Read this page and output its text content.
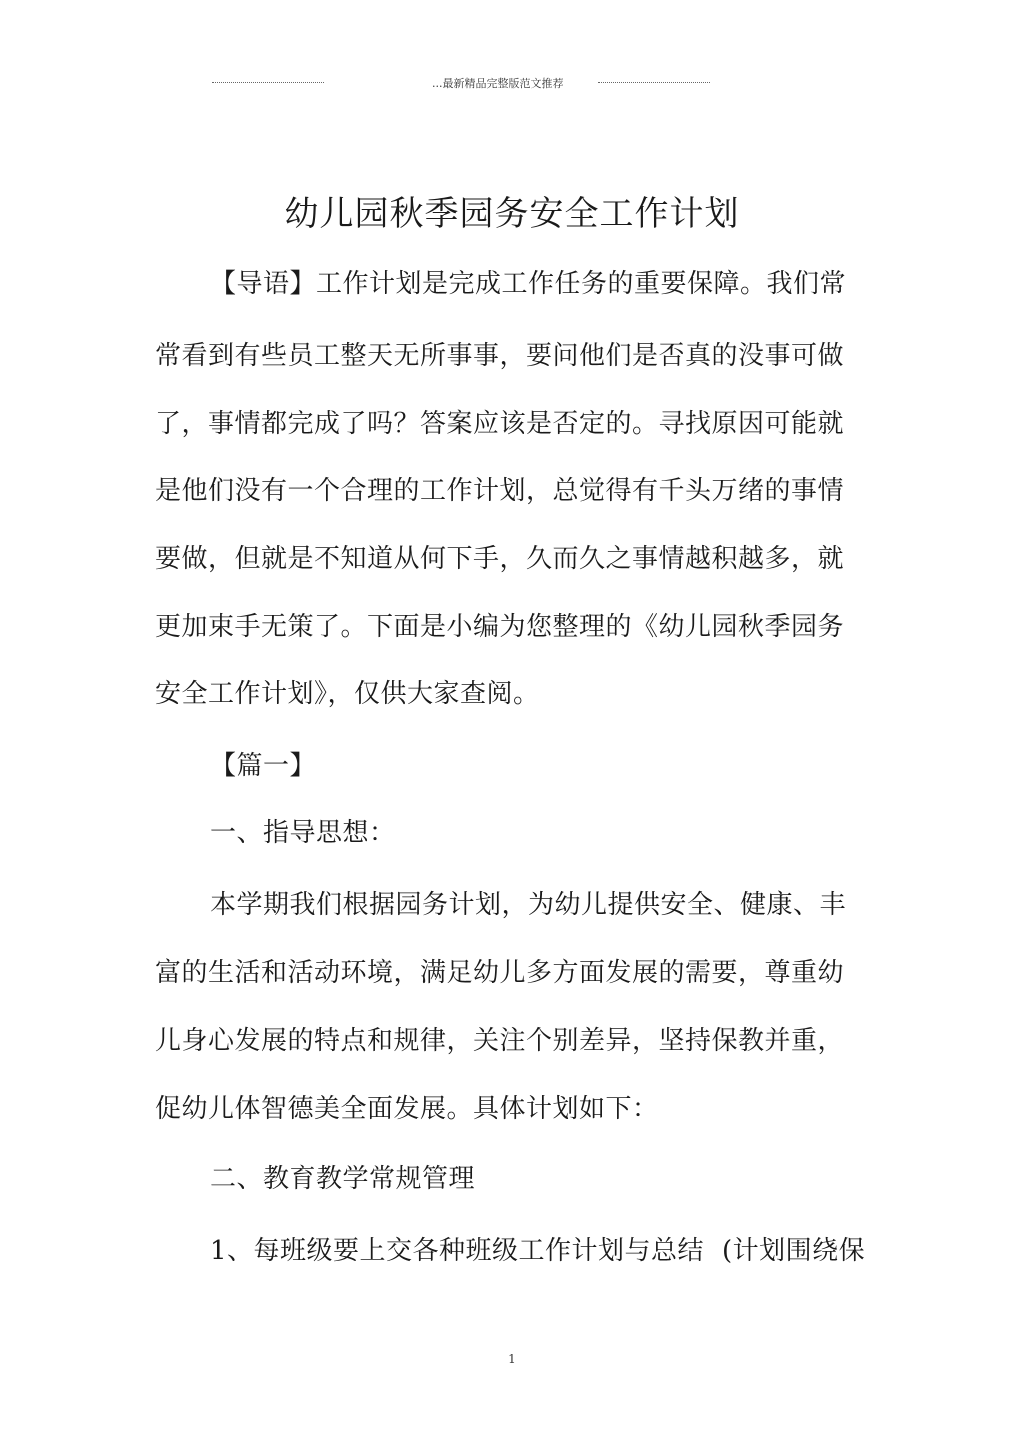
...最新精品完整版范文推荐
幼儿园秋季园务安全工作计划
【导语】工作计划是完成工作任务的重要保障。我们常
常看到有些员工整天无所事事，要问他们是否真的没事可做
了，事情都完成了吗？答案应该是否定的。寻找原因可能就
是他们没有一个合理的工作计划，总觉得有千头万绪的事情
要做，但就是不知道从何下手，久而久之事情越积越多，就
更加束手无策了。下面是小编为您整理的《幼儿园秋季园务
安全工作计划》，仅供大家查阅。
【篇一】
一、指导思想：
本学期我们根据园务计划，为幼儿提供安全、健康、丰
富的生活和活动环境，满足幼儿多方面发展的需要，尊重幼
儿身心发展的特点和规律，关注个别差异，坚持保教并重，
促幼儿体智德美全面发展。具体计划如下：
二、教育教学常规管理
1、每班级要上交各种班级工作计划与总结 (计划围绕保
1
